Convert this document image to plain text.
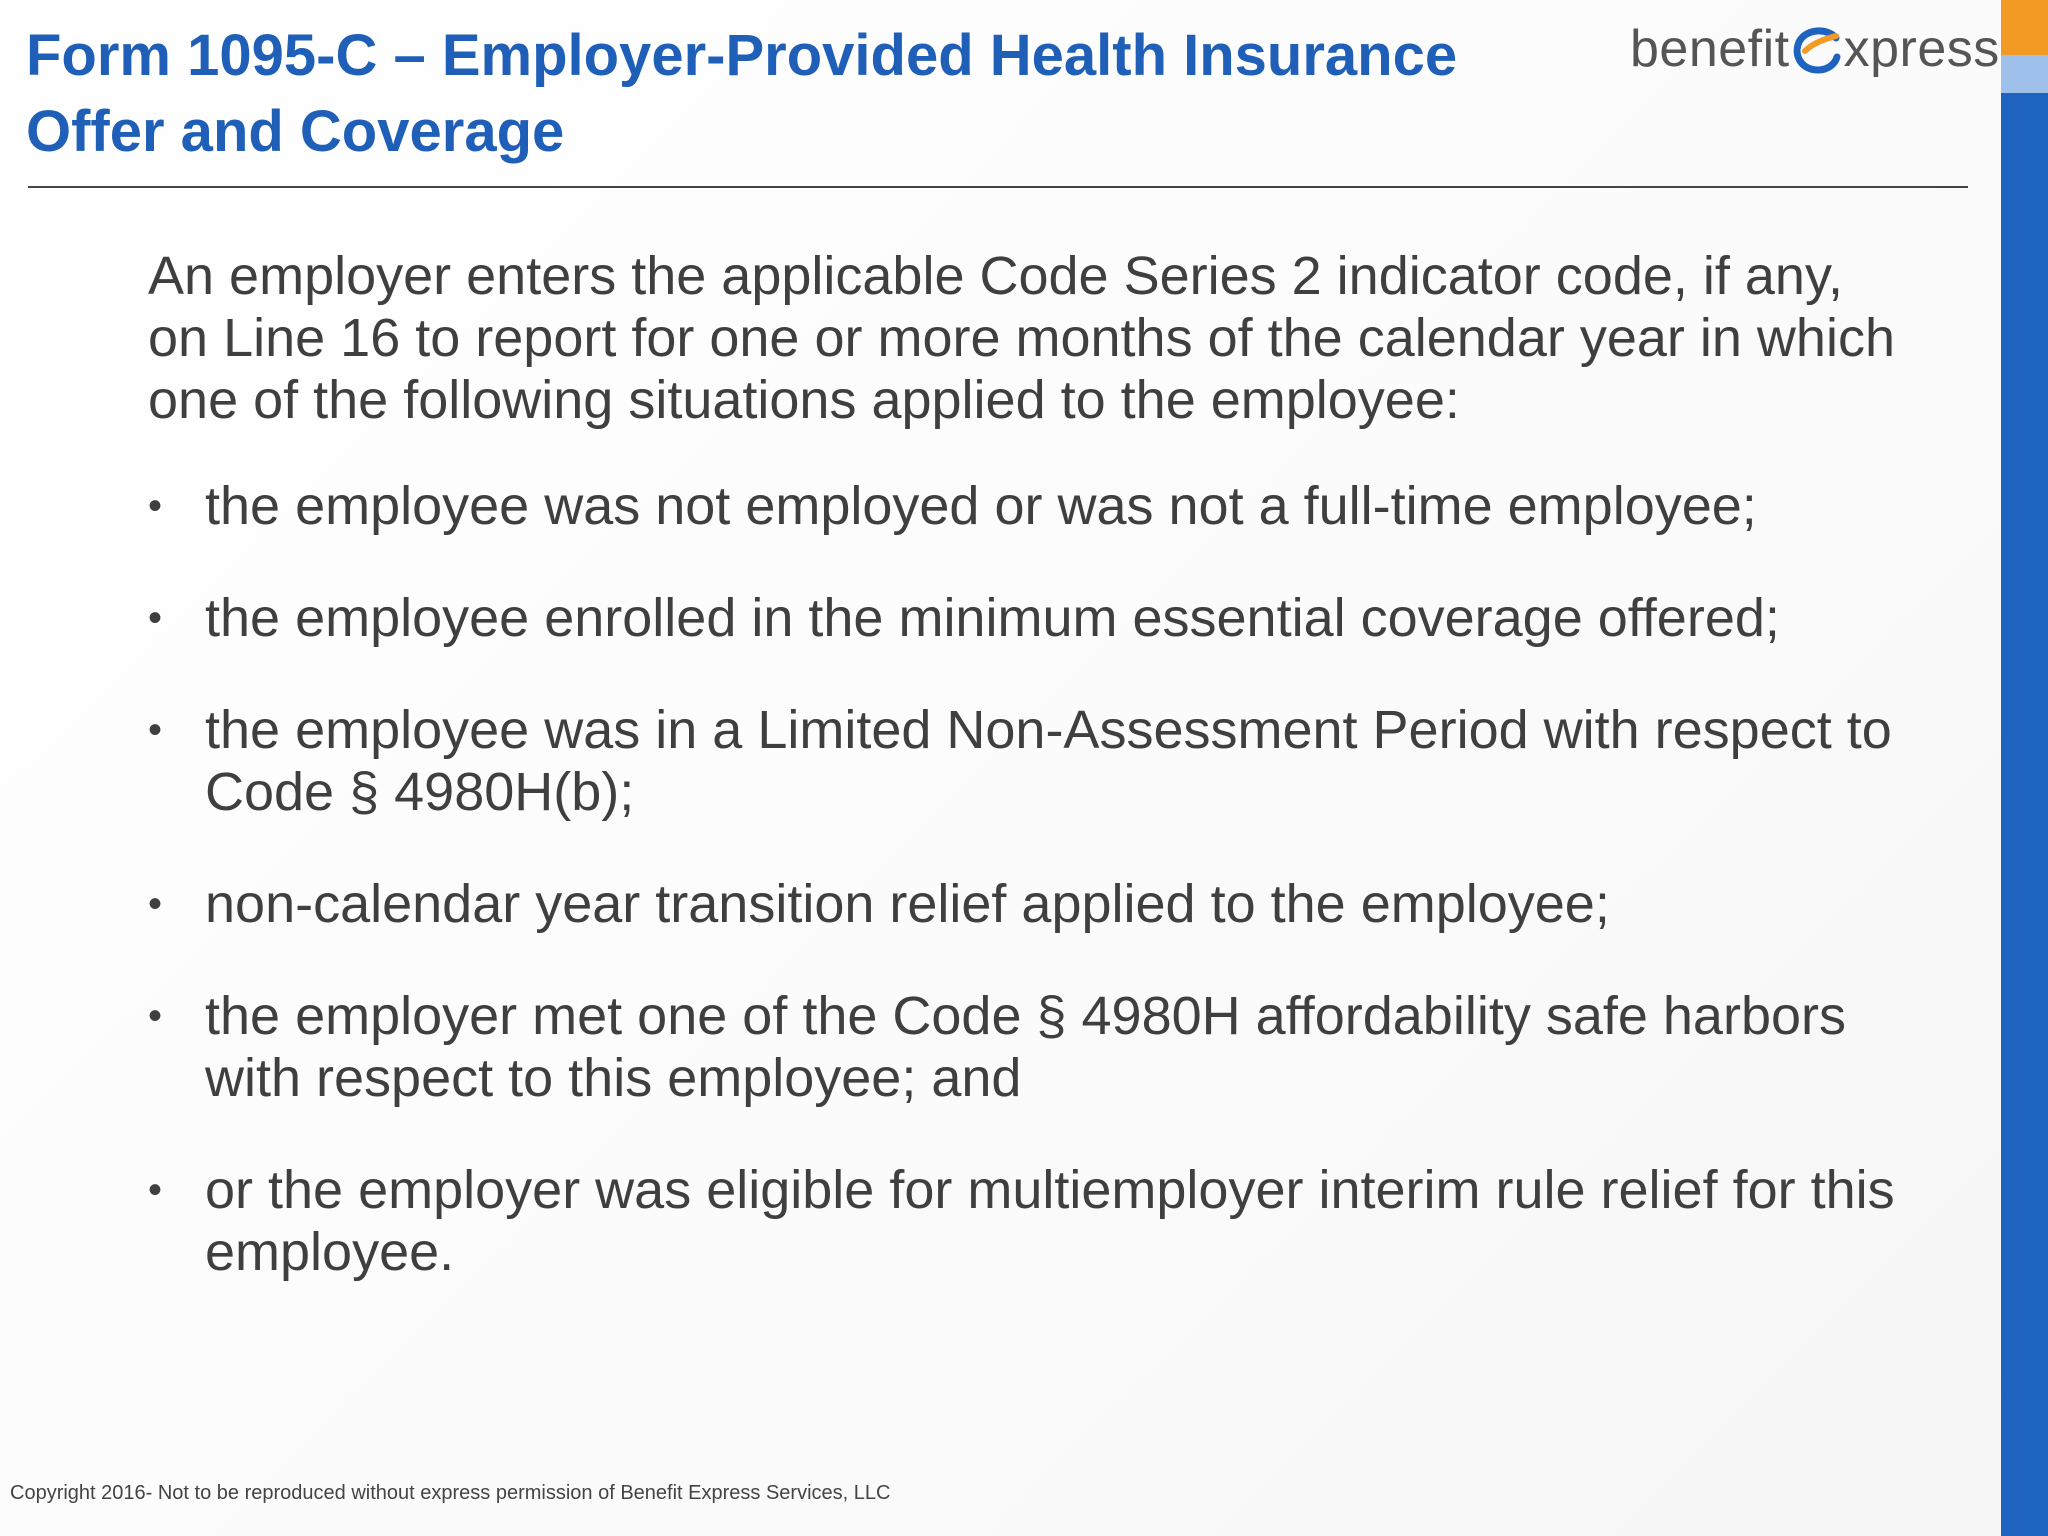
Form 1095-C – Employer-Provided Health Insurance
Offer and Coverage
benefit xpress

An employer enters the applicable Code Series 2 indicator code, if any, on Line 16 to report for one or more months of the calendar year in which one of the following situations applied to the employee:

• the employee was not employed or was not a full-time employee;
• the employee enrolled in the minimum essential coverage offered;
• the employee was in a Limited Non-Assessment Period with respect to Code § 4980H(b);
• non-calendar year transition relief applied to the employee;
• the employer met one of the Code § 4980H affordability safe harbors with respect to this employee; and
• or the employer was eligible for multiemployer interim rule relief for this employee.
Copyright 2016- Not to be reproduced without express permission of Benefit Express Services, LLC
